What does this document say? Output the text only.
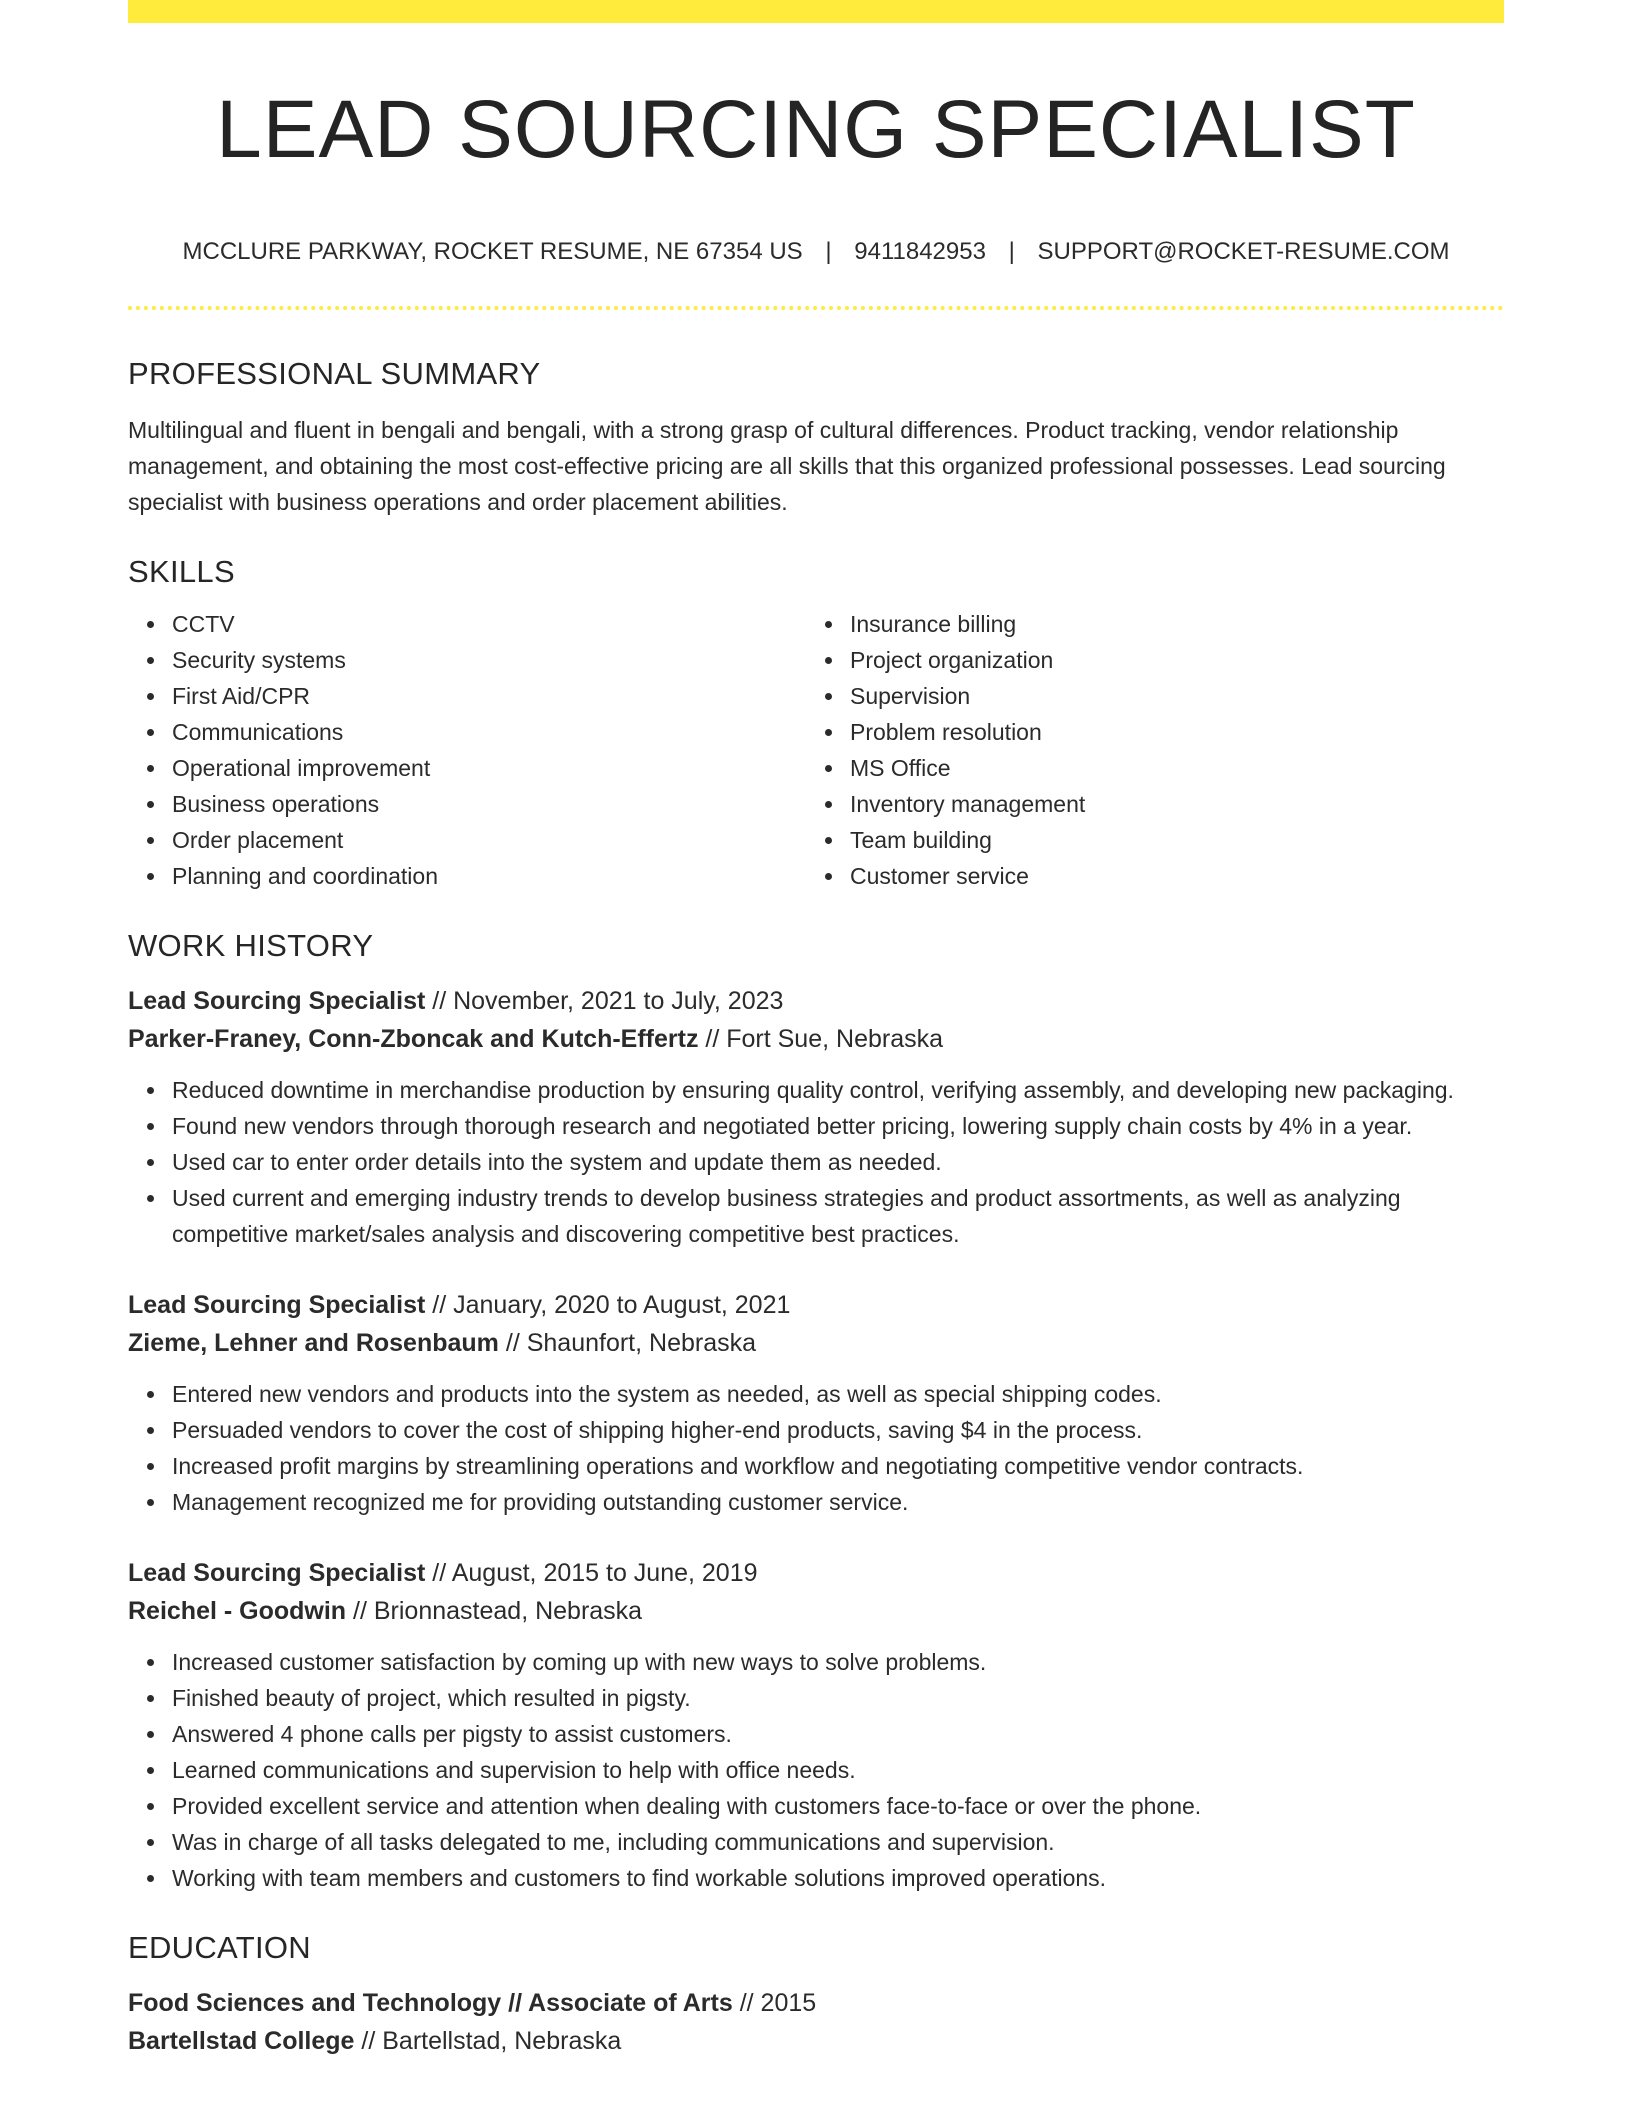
LEAD SOURCING SPECIALIST
MCCLURE PARKWAY, ROCKET RESUME, NE 67354 US | 9411842953 | SUPPORT@ROCKET-RESUME.COM
PROFESSIONAL SUMMARY

Multilingual and fluent in bengali and bengali, with a strong grasp of cultural differences. Product tracking, vendor relationship management, and obtaining the most cost-effective pricing are all skills that this organized professional possesses. Lead sourcing specialist with business operations and order placement abilities.

SKILLS
CCTV
Security systems
First Aid/CPR
Communications
Operational improvement
Business operations
Order placement
Planning and coordination
Insurance billing
Project organization
Supervision
Problem resolution
MS Office
Inventory management
Team building
Customer service
WORK HISTORY
Lead Sourcing Specialist // November, 2021 to July, 2023
Parker-Franey, Conn-Zboncak and Kutch-Effertz // Fort Sue, Nebraska
Reduced downtime in merchandise production by ensuring quality control, verifying assembly, and developing new packaging.
Found new vendors through thorough research and negotiated better pricing, lowering supply chain costs by 4% in a year.
Used car to enter order details into the system and update them as needed.
Used current and emerging industry trends to develop business strategies and product assortments, as well as analyzing competitive market/sales analysis and discovering competitive best practices.
Lead Sourcing Specialist // January, 2020 to August, 2021
Zieme, Lehner and Rosenbaum // Shaunfort, Nebraska
Entered new vendors and products into the system as needed, as well as special shipping codes.
Persuaded vendors to cover the cost of shipping higher-end products, saving $4 in the process.
Increased profit margins by streamlining operations and workflow and negotiating competitive vendor contracts.
Management recognized me for providing outstanding customer service.
Lead Sourcing Specialist // August, 2015 to June, 2019
Reichel - Goodwin // Brionnastead, Nebraska
Increased customer satisfaction by coming up with new ways to solve problems.
Finished beauty of project, which resulted in pigsty.
Answered 4 phone calls per pigsty to assist customers.
Learned communications and supervision to help with office needs.
Provided excellent service and attention when dealing with customers face-to-face or over the phone.
Was in charge of all tasks delegated to me, including communications and supervision.
Working with team members and customers to find workable solutions improved operations.
EDUCATION
Food Sciences and Technology // Associate of Arts // 2015
Bartellstad College // Bartellstad, Nebraska
